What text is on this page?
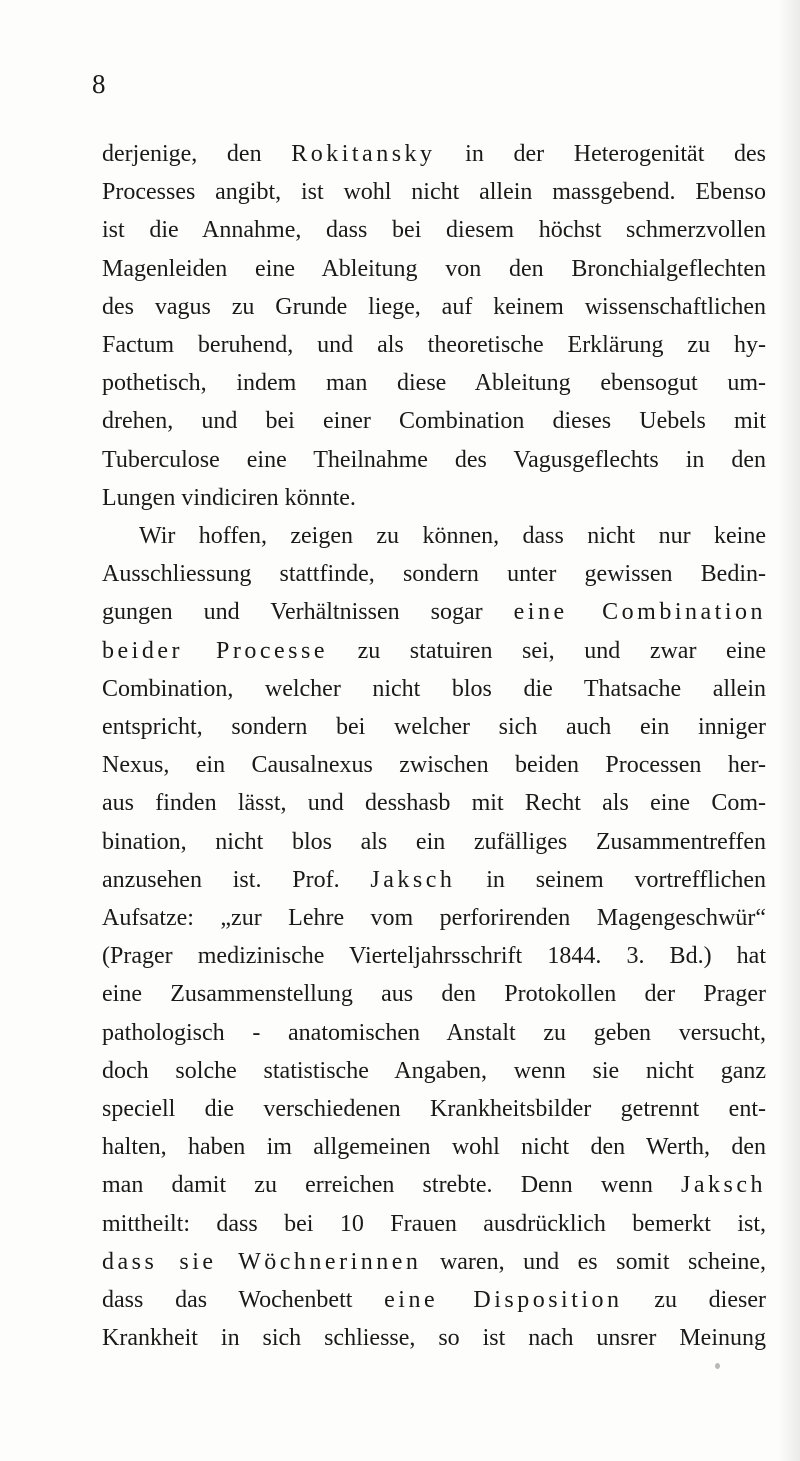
8
derjenige, den Rokitansky in der Heterogenität des
Processes angibt, ist wohl nicht allein massgebend. Ebenso
ist die Annahme, dass bei diesem höchst schmerzvollen
Magenleiden eine Ableitung von den Bronchialgeflechten
des vagus zu Grunde liege, auf keinem wissenschaftlichen
Factum beruhend, und als theoretische Erklärung zu hy-
pothetisch, indem man diese Ableitung ebensogut um-
drehen, und bei einer Combination dieses Uebels mit
Tuberculose eine Theilnahme des Vagusgeflechts in den
Lungen vindiciren könnte.
Wir hoffen, zeigen zu können, dass nicht nur keine
Ausschliessung stattfinde, sondern unter gewissen Bedin-
gungen und Verhältnissen sogar eine Combination
beider Processe zu statuiren sei, und zwar eine
Combination, welcher nicht blos die Thatsache allein
entspricht, sondern bei welcher sich auch ein inniger
Nexus, ein Causalnexus zwischen beiden Processen her-
aus finden lässt, und desshasb mit Recht als eine Com-
bination, nicht blos als ein zufälliges Zusammentreffen
anzusehen ist. Prof. Jaksch in seinem vortrefflichen
Aufsatze: „zur Lehre vom perforirenden Magengeschwür“
(Prager medizinische Vierteljahrsschrift 1844. 3. Bd.) hat
eine Zusammenstellung aus den Protokollen der Prager
pathologisch - anatomischen Anstalt zu geben versucht,
doch solche statistische Angaben, wenn sie nicht ganz
speciell die verschiedenen Krankheitsbilder getrennt ent-
halten, haben im allgemeinen wohl nicht den Werth, den
man damit zu erreichen strebte. Denn wenn Jaksch
mittheilt: dass bei 10 Frauen ausdrücklich bemerkt ist,
dass sie Wöchnerinnen waren, und es somit scheine,
dass das Wochenbett eine Disposition zu dieser
Krankheit in sich schliesse, so ist nach unsrer Meinung
